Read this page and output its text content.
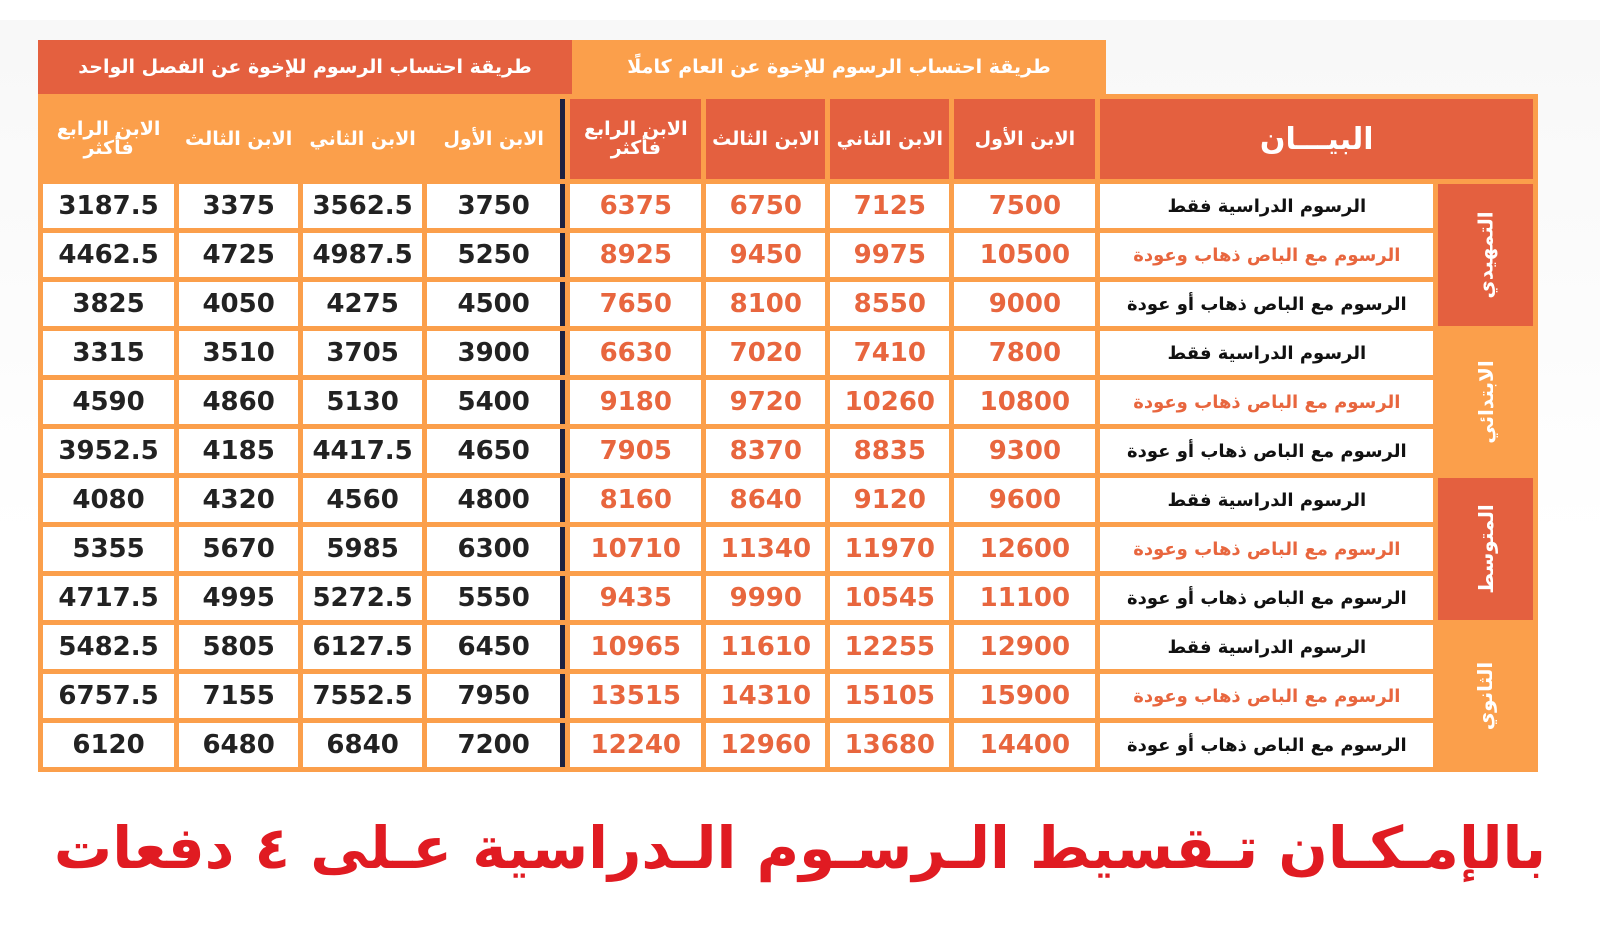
طريقة احتساب الرسوم للإخوة عن العام كاملًا
طريقة احتساب الرسوم للإخوة عن الفصل الواحد
البيـــان		الابن الأول	الابن الثاني	الابن الثالث	الابن الرابع فأكثر	الابن الأول	الابن الثاني	الابن الثالث	الابن الرابع فأكثر
التمهيدي	الرسوم الدراسية فقط	7500	7125	6750	6375	3750	3562.5	3375	3187.5
	الرسوم مع الباص ذهاب وعودة	10500	9975	9450	8925	5250	4987.5	4725	4462.5
	الرسوم مع الباص ذهاب أو عودة	9000	8550	8100	7650	4500	4275	4050	3825
الابتدائي	الرسوم الدراسية فقط	7800	7410	7020	6630	3900	3705	3510	3315
	الرسوم مع الباص ذهاب وعودة	10800	10260	9720	9180	5400	5130	4860	4590
	الرسوم مع الباص ذهاب أو عودة	9300	8835	8370	7905	4650	4417.5	4185	3952.5
المتوسط	الرسوم الدراسية فقط	9600	9120	8640	8160	4800	4560	4320	4080
	الرسوم مع الباص ذهاب وعودة	12600	11970	11340	10710	6300	5985	5670	5355
	الرسوم مع الباص ذهاب أو عودة	11100	10545	9990	9435	5550	5272.5	4995	4717.5
الثانوي	الرسوم الدراسية فقط	12900	12255	11610	10965	6450	6127.5	5805	5482.5
	الرسوم مع الباص ذهاب وعودة	15900	15105	14310	13515	7950	7552.5	7155	6757.5
	الرسوم مع الباص ذهاب أو عودة	14400	13680	12960	12240	7200	6840	6480	6120
بالإمـكـان تـقسيط الـرسـوم الـدراسية عـلى ٤ دفعات
